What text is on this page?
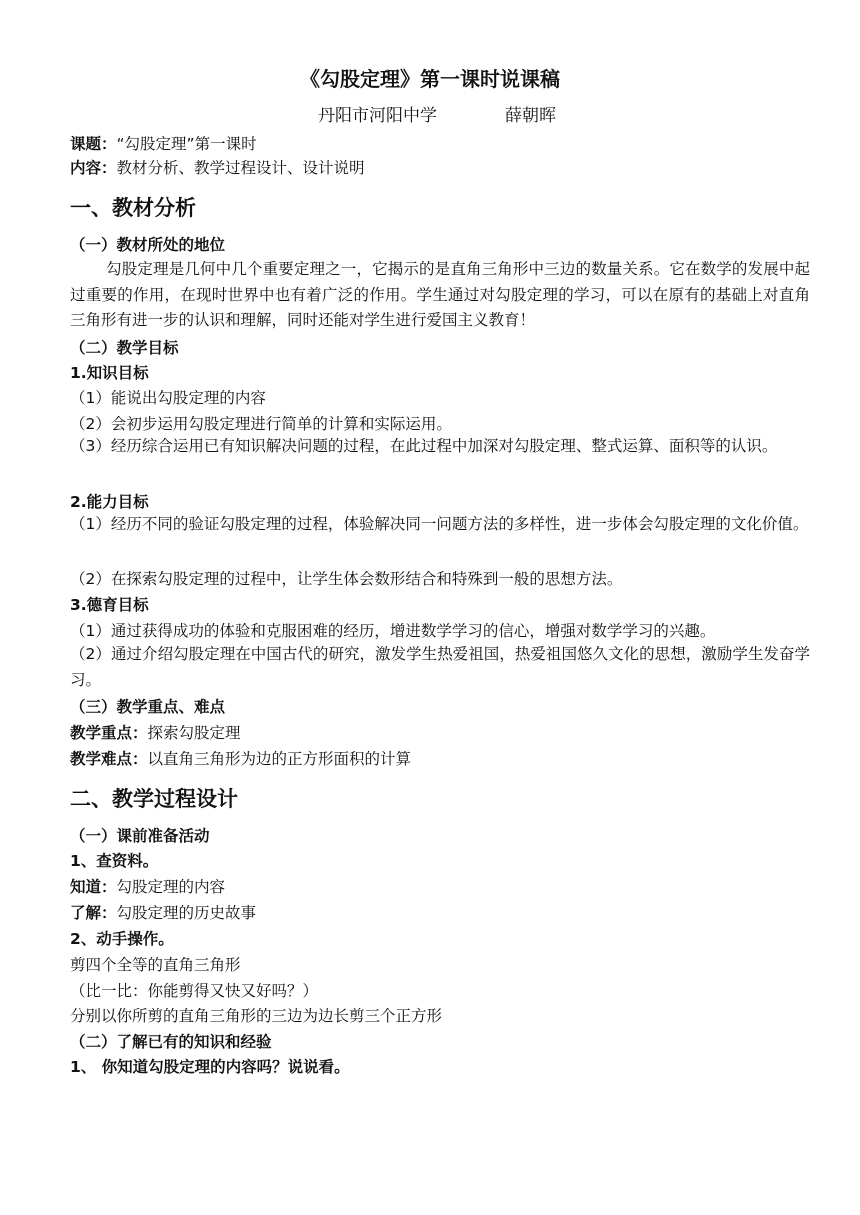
《勾股定理》第一课时说课稿
丹阳市河阳中学	薛朝晖
课题：“勾股定理”第一课时
内容：教材分析、教学过程设计、设计说明
一、教材分析
（一）教材所处的地位
勾股定理是几何中几个重要定理之一，它揭示的是直角三角形中三边的数量关系。它在数学的发展中起过重要的作用，在现时世界中也有着广泛的作用。学生通过对勾股定理的学习，可以在原有的基础上对直角三角形有进一步的认识和理解，同时还能对学生进行爱国主义教育！
（二）教学目标
1.知识目标
（1）能说出勾股定理的内容
（2）会初步运用勾股定理进行简单的计算和实际运用。
（3）经历综合运用已有知识解决问题的过程，在此过程中加深对勾股定理、整式运算、面积等的认识。
2.能力目标
（1）经历不同的验证勾股定理的过程，体验解决同一问题方法的多样性，进一步体会勾股定理的文化价值。
（2）在探索勾股定理的过程中，让学生体会数形结合和特殊到一般的思想方法。
3.德育目标
（1）通过获得成功的体验和克服困难的经历，增进数学学习的信心，增强对数学学习的兴趣。
（2）通过介绍勾股定理在中国古代的研究，激发学生热爱祖国，热爱祖国悠久文化的思想，激励学生发奋学习。
（三）教学重点、难点
教学重点：探索勾股定理
教学难点：以直角三角形为边的正方形面积的计算
二、教学过程设计
（一）课前准备活动
1、查资料。
知道：勾股定理的内容
了解：勾股定理的历史故事
2、动手操作。
剪四个全等的直角三角形
（比一比：你能剪得又快又好吗？）
分别以你所剪的直角三角形的三边为边长剪三个正方形
（二）了解已有的知识和经验
1、 你知道勾股定理的内容吗？说说看。
